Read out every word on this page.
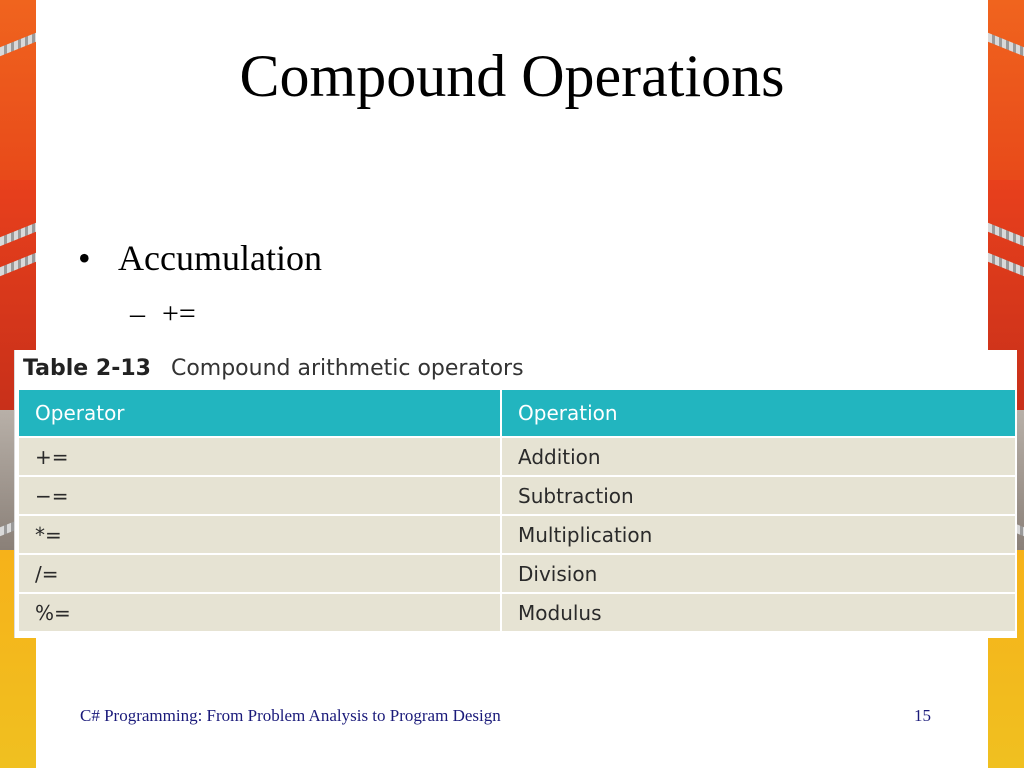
Compound Operations
• Accumulation
– +=
Table 2-13 Compound arithmetic operators
Operator	Operation
+=	Addition
−=	Subtraction
*=	Multiplication
/=	Division
%=	Modulus
C# Programming: From Problem Analysis to Program Design	15
